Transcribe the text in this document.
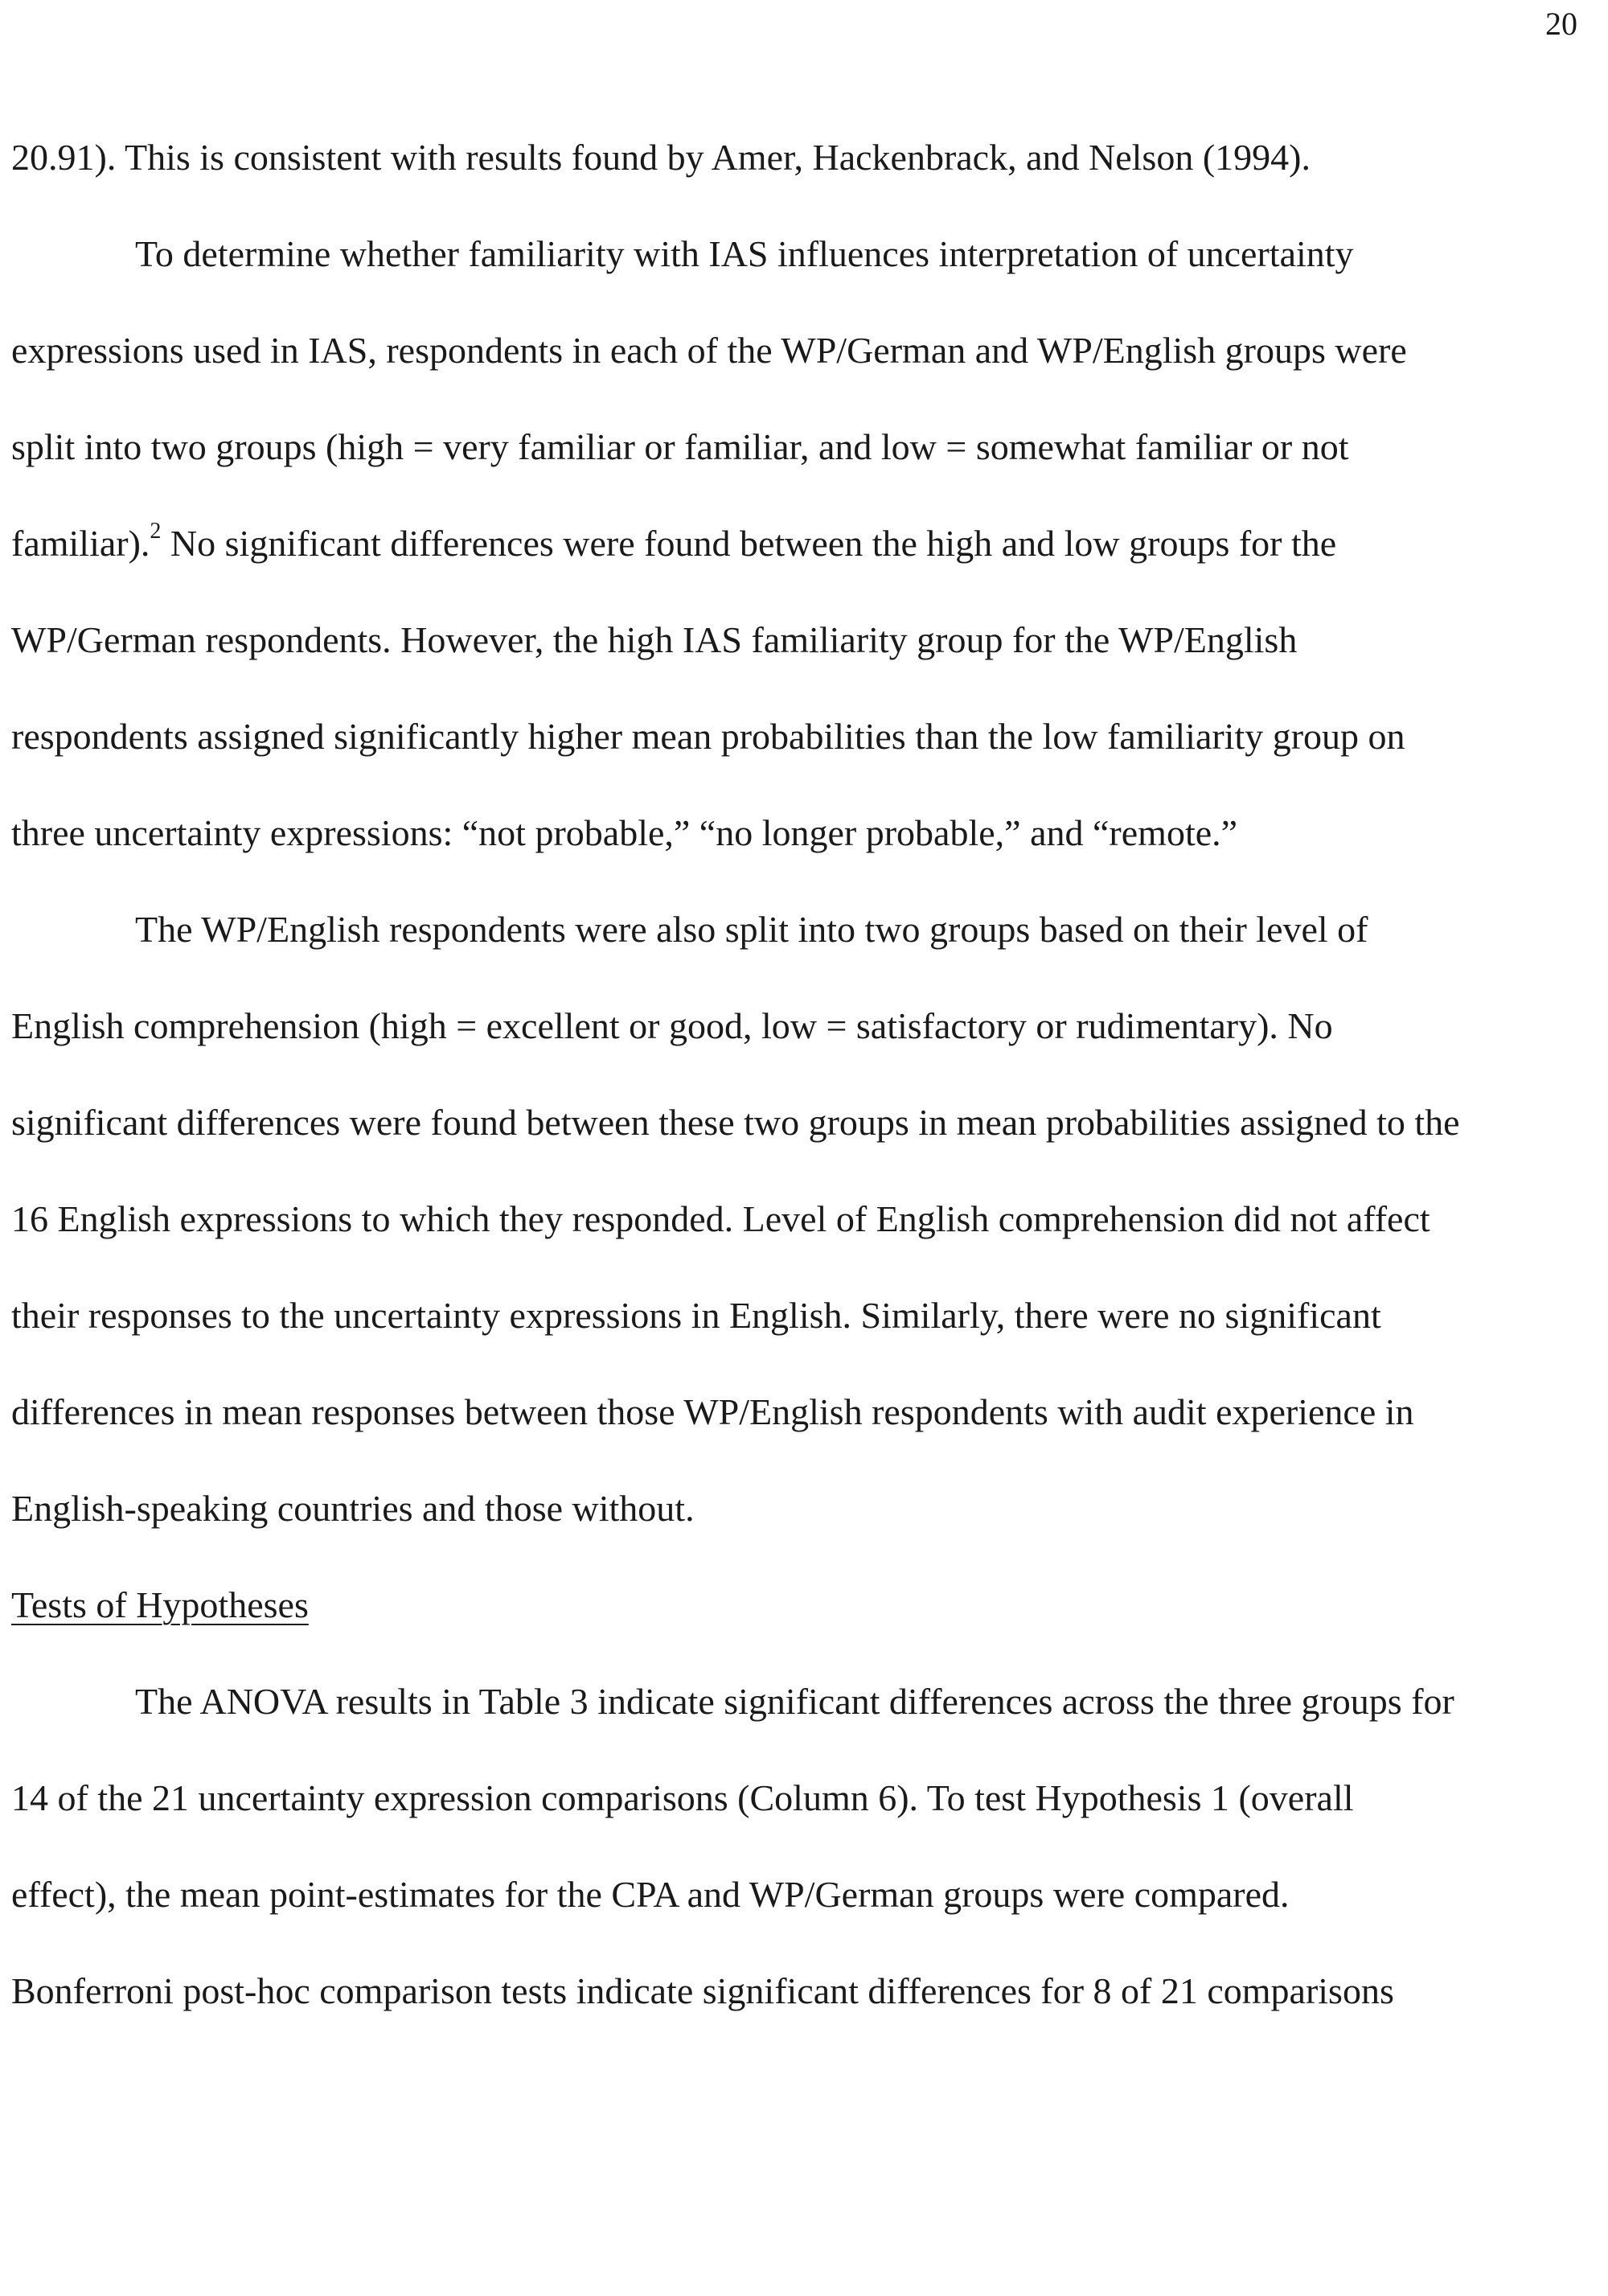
20
20.91). This is consistent with results found by Amer, Hackenbrack, and Nelson (1994).
To determine whether familiarity with IAS influences interpretation of uncertainty
expressions used in IAS, respondents in each of the WP/German and WP/English groups were
split into two groups (high = very familiar or familiar, and low = somewhat familiar or not
familiar).$^2$ No significant differences were found between the high and low groups for the
WP/German respondents. However, the high IAS familiarity group for the WP/English
respondents assigned significantly higher mean probabilities than the low familiarity group on
three uncertainty expressions: “not probable,” “no longer probable,” and “remote.”
The WP/English respondents were also split into two groups based on their level of
English comprehension (high = excellent or good, low = satisfactory or rudimentary). No
significant differences were found between these two groups in mean probabilities assigned to the
16 English expressions to which they responded. Level of English comprehension did not affect
their responses to the uncertainty expressions in English. Similarly, there were no significant
differences in mean responses between those WP/English respondents with audit experience in
English-speaking countries and those without.
Tests of Hypotheses
The ANOVA results in Table 3 indicate significant differences across the three groups for
14 of the 21 uncertainty expression comparisons (Column 6). To test Hypothesis 1 (overall
effect), the mean point-estimates for the CPA and WP/German groups were compared.
Bonferroni post-hoc comparison tests indicate significant differences for 8 of 21 comparisons
